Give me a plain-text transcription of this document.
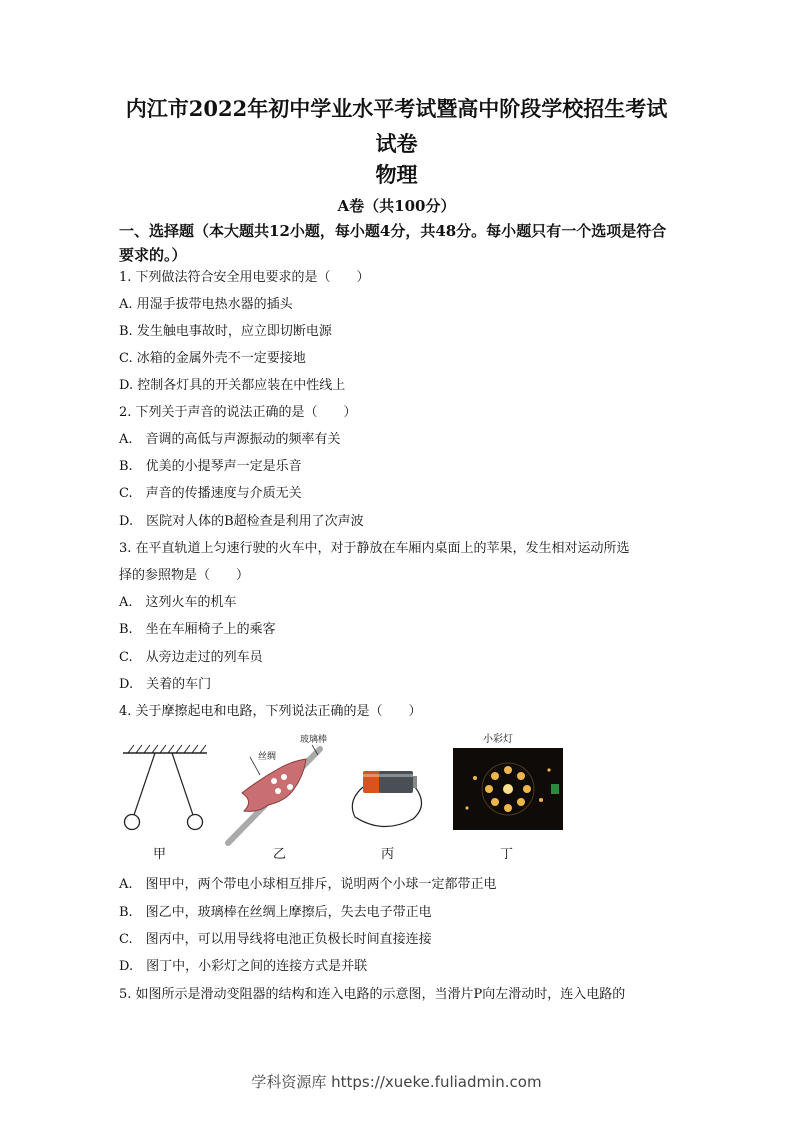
内江市2022年初中学业水平考试暨高中阶段学校招生考试
试卷
物理
A卷（共100分）
一、选择题（本大题共12小题，每小题4分，共48分。每小题只有一个选项是符合要求的。）
1. 下列做法符合安全用电要求的是（　　）
A. 用湿手拔带电热水器的插头
B. 发生触电事故时，应立即切断电源
C. 冰箱的金属外壳不一定要接地
D. 控制各灯具的开关都应装在中性线上
2. 下列关于声音的说法正确的是（　　）
A.　音调的高低与声源振动的频率有关
B.　优美的小提琴声一定是乐音
C.　声音的传播速度与介质无关
D.　医院对人体的B超检查是利用了次声波
3. 在平直轨道上匀速行驶的火车中，对于静放在车厢内桌面上的苹果，发生相对运动所选
择的参照物是（　　）
A.　这列火车的机车
B.　坐在车厢椅子上的乘客
C.　从旁边走过的列车员
D.　关着的车门
4. 关于摩擦起电和电路，下列说法正确的是（　　）
丝绸
玻璃棒	小彩灯
甲	乙	丙	丁
A.　图甲中，两个带电小球相互排斥，说明两个小球一定都带正电
B.　图乙中，玻璃棒在丝绸上摩擦后，失去电子带正电
C.　图丙中，可以用导线将电池正负极长时间直接连接
D.　图丁中，小彩灯之间的连接方式是并联
5. 如图所示是滑动变阻器的结构和连入电路的示意图，当滑片P向左滑动时，连入电路的
学科资源库 https://xueke.fuliadmin.com
